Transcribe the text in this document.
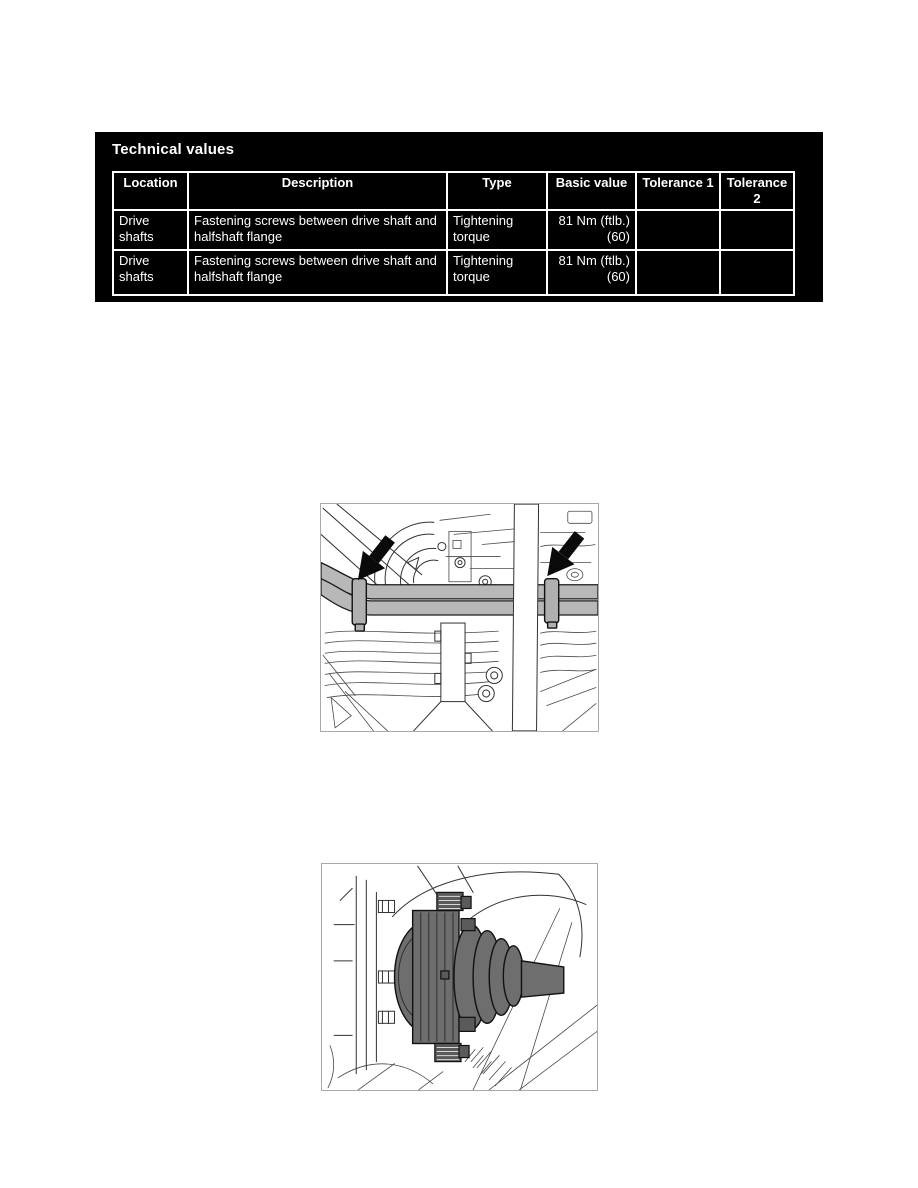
Technical values
Location	Description	Type	Basic value	Tolerance 1	Tolerance 2
Drive shafts	Fastening screws between drive shaft and halfshaft flange	Tightening torque	81 Nm (ftlb.) (60)		
Drive shafts	Fastening screws between drive shaft and halfshaft flange	Tightening torque	81 Nm (ftlb.) (60)		
